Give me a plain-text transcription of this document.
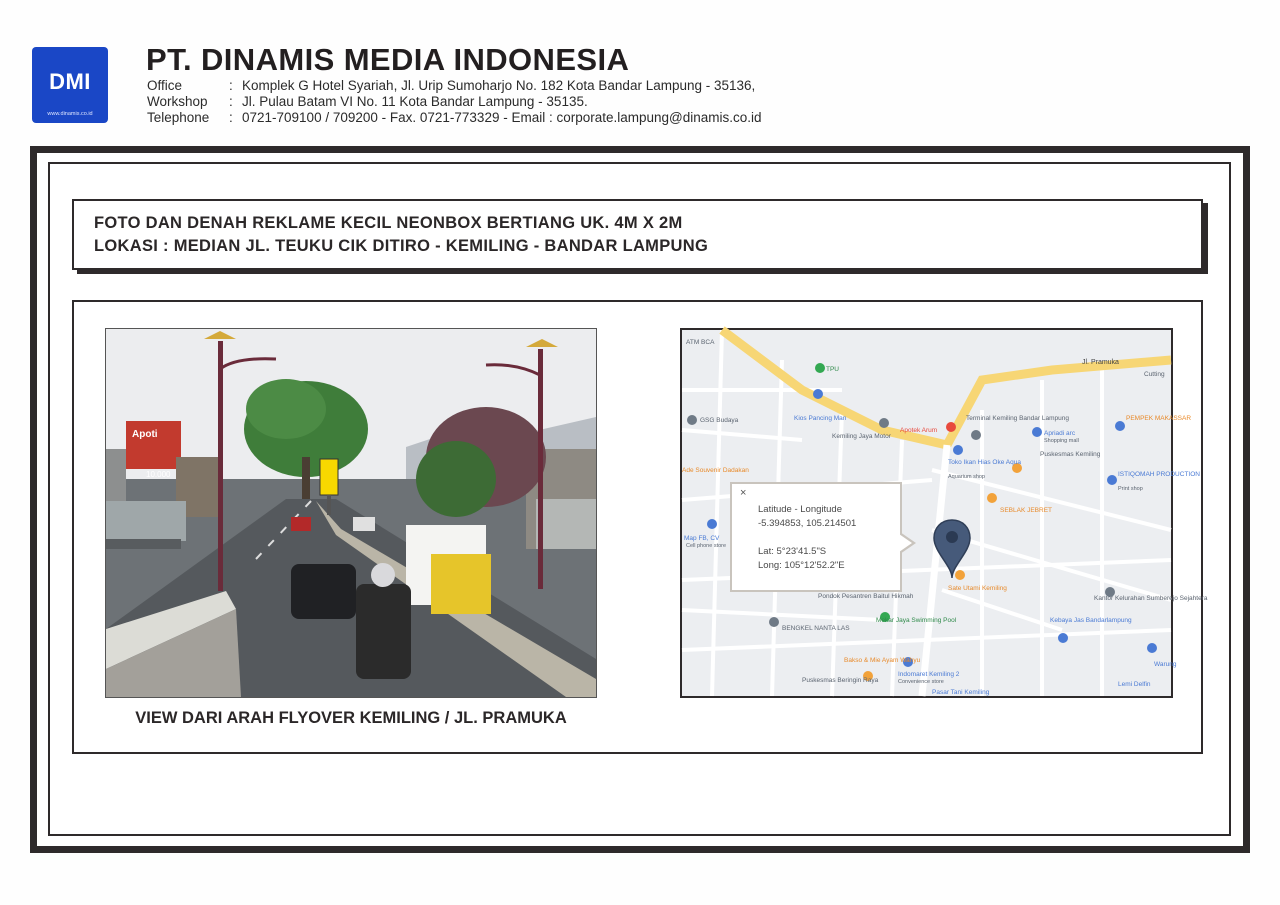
DMI
www.dinamis.co.id
PT. DINAMIS MEDIA INDONESIA
Office	: Komplek G Hotel Syariah, Jl. Urip Sumoharjo No. 182 Kota Bandar Lampung - 35136,
Workshop	: Jl. Pulau Batam VI No. 11 Kota Bandar Lampung - 35135.
Telephone	: 0721-709100 / 709200 - Fax. 0721-773329 - Email : corporate.lampung@dinamis.co.id
FOTO DAN DENAH REKLAME KECIL NEONBOX BERTIANG UK. 4M X 2M
LOKASI : MEDIAN JL. TEUKU CIK DITIRO - KEMILING - BANDAR LAMPUNG
Apoti
10.000
VIEW DARI ARAH FLYOVER KEMILING / JL. PRAMUKA
ATM BCA
TPU
Jl. Pramuka
Cutting
Kios Pancing Man
GSG Budaya
Apotek Arum
Terminal Kemiling Bandar Lampung
Kemiling Jaya Motor
PEMPEK MAKASSAR
Apriadi arc
Shopping mall
Puskesmas Kemiling
Toko Ikan Hias Oke Aqua
Aquarium shop	ISTIQOMAH PRODUCTION
Print shop
Ade Souvenir Dadakan
SEBLAK JEBRET
Map FB, CV
Cell phone store
Sate Utami Kemiling
Pondok Pesantren Baitul Hikmah
BENGKEL NANTA LAS
Mekar Jaya Swimming Pool
Kantor Kelurahan Sumberejo Sejahtera
Kebaya Jas Bandarlampung
Warung
Bakso & Mie Ayam Wahyu
Indomaret Kemiling 2
Convenience store
Puskesmas Beringin Raya
Lemi Delfin
Pasar Tani Kemiling
×
Latitude - Longitude
-5.394853, 105.214501
Lat: 5°23'41.5"S
Long: 105°12'52.2"E
